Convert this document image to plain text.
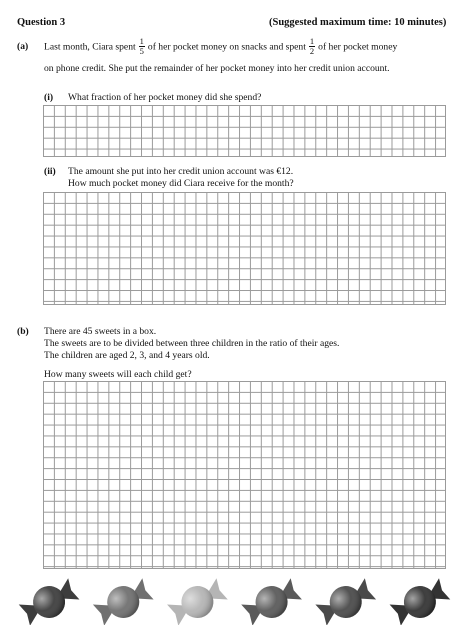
Question 3	(Suggested maximum time: 10 minutes)
(a) Last month, Ciara spent $\frac{1}{5}$ of her pocket money on snacks and spent $\frac{1}{2}$ of her pocket money
on phone credit. She put the remainder of her pocket money into her credit union account.
(i) What fraction of her pocket money did she spend?
(ii) The amount she put into her credit union account was €12.
How much pocket money did Ciara receive for the month?
(b) There are 45 sweets in a box.
The sweets are to be divided between three children in the ratio of their ages.
The children are aged 2, 3, and 4 years old.
How many sweets will each child get?
